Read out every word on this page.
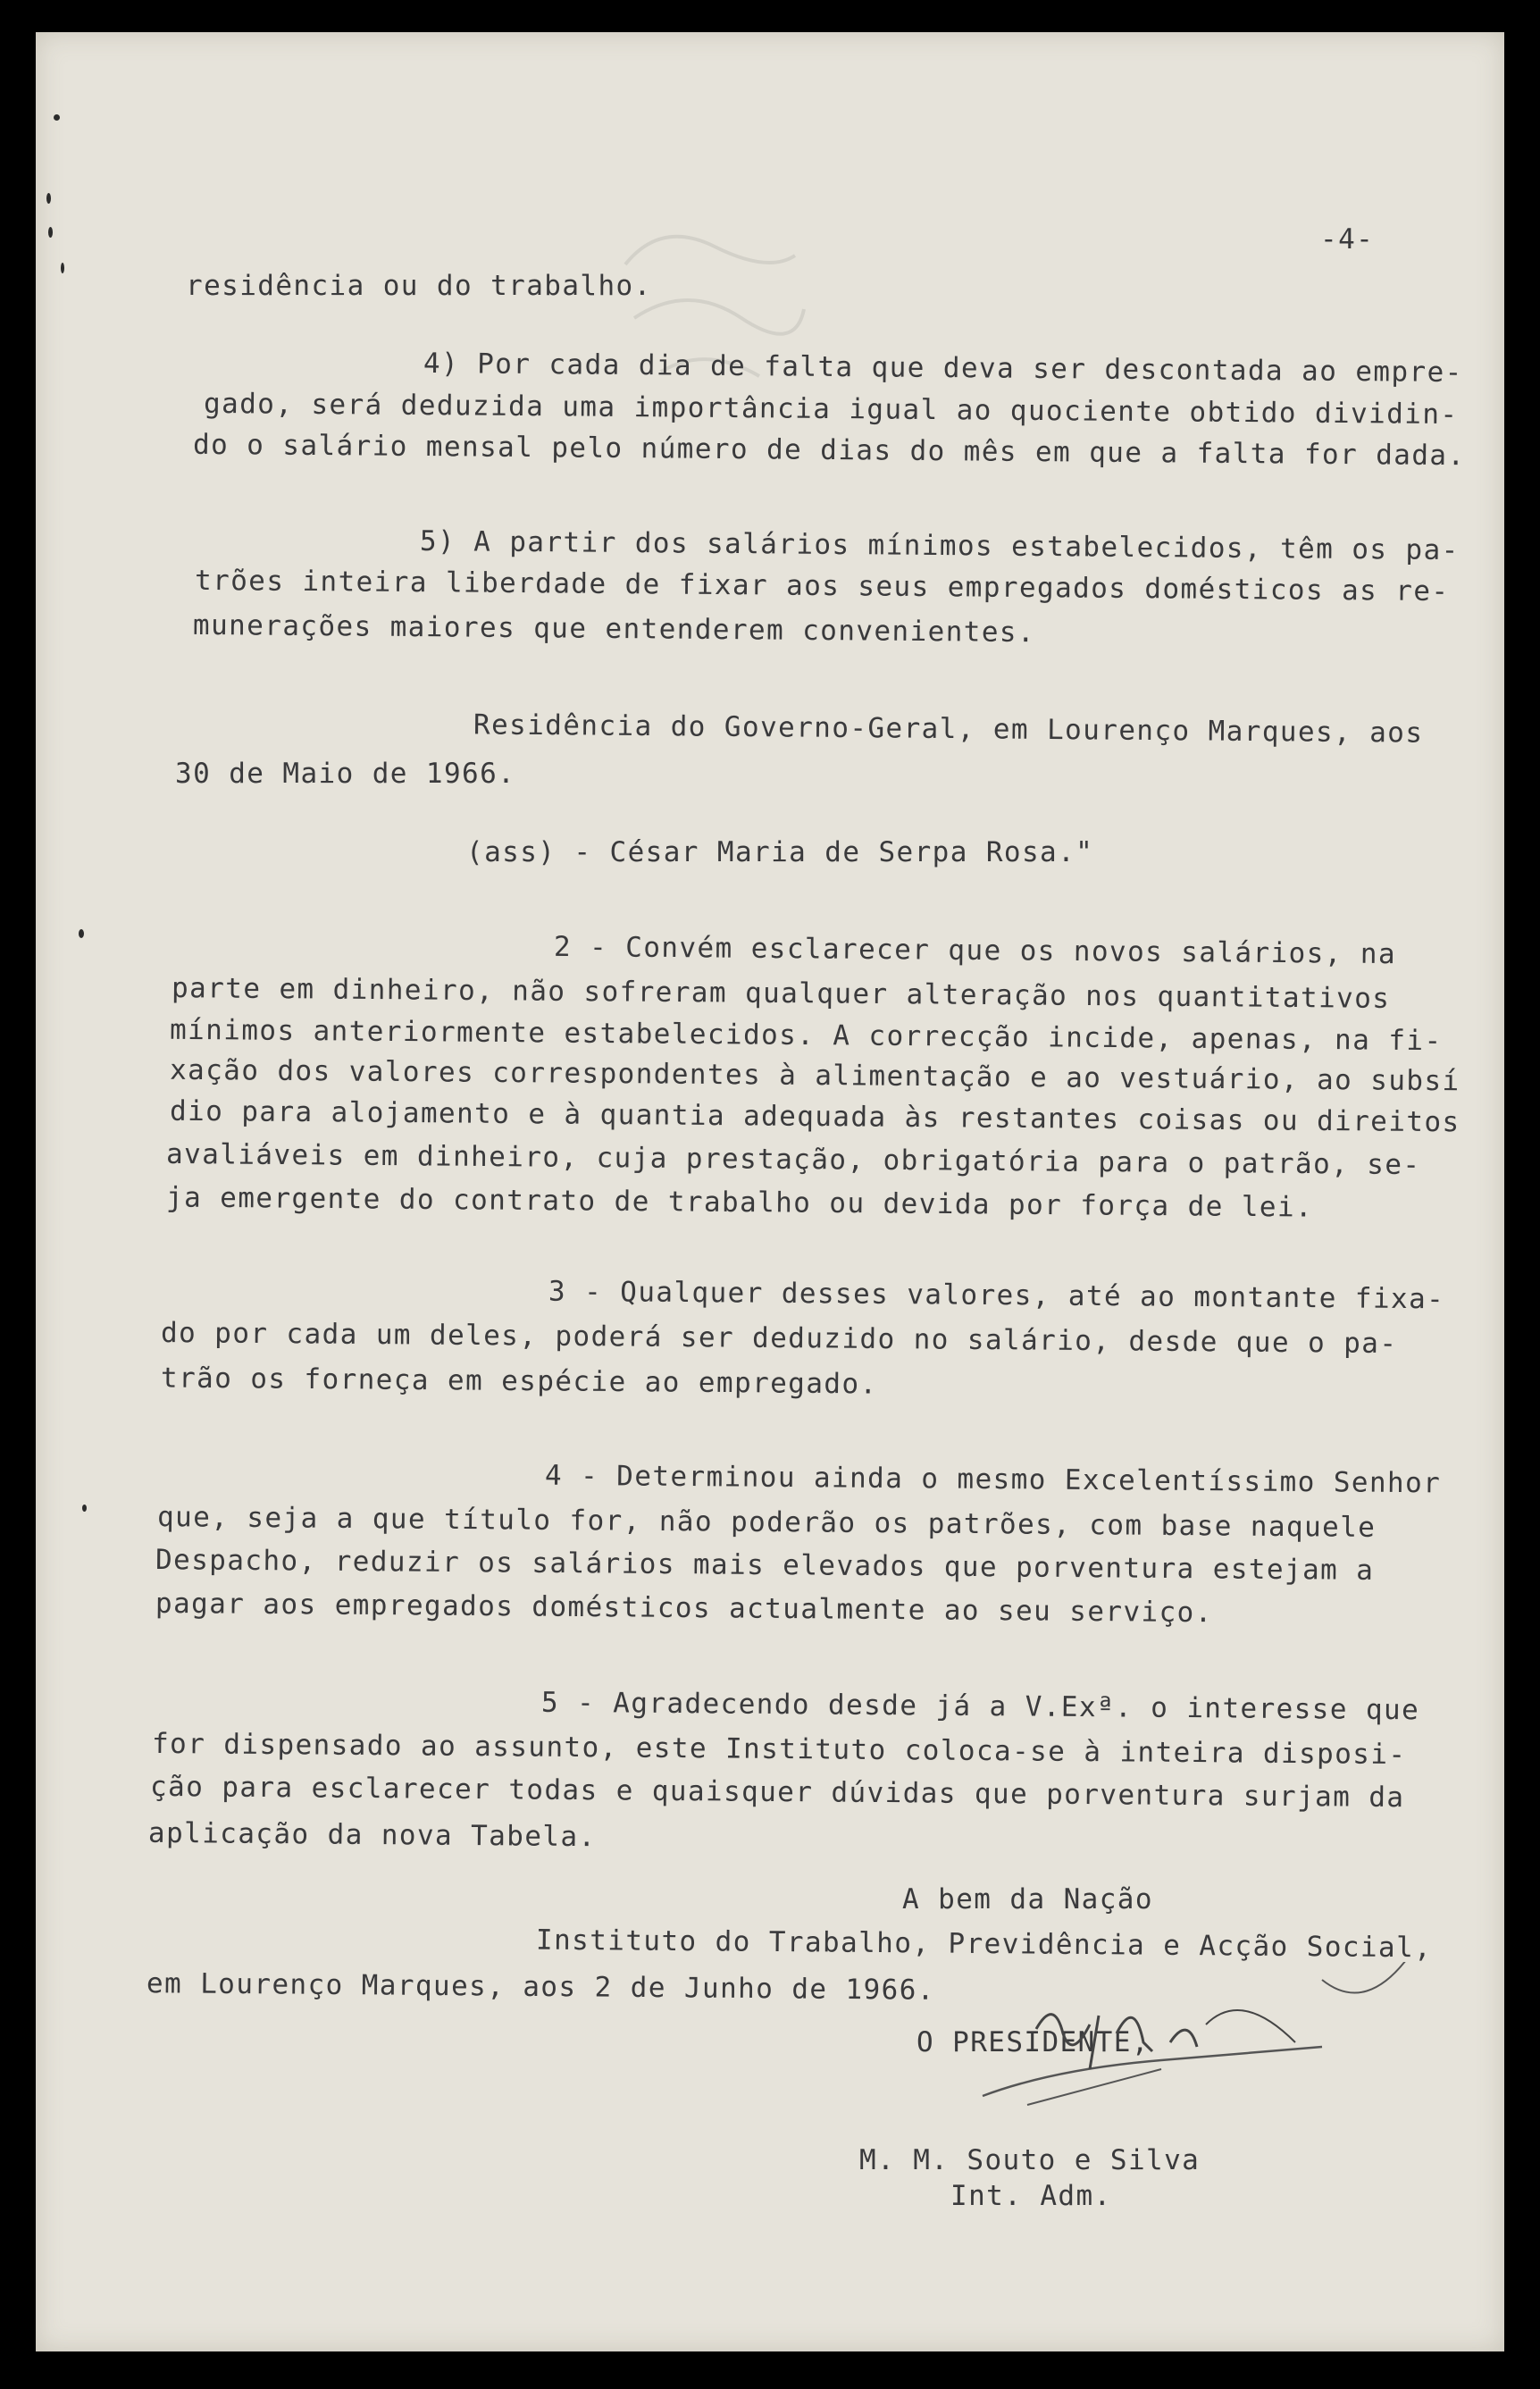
-4-
residência ou do trabalho.
4) Por cada dia de falta que deva ser descontada ao empre-
gado, será deduzida uma importância igual ao quociente obtido dividin-
do o salário mensal pelo número de dias do mês em que a falta for dada.
5) A partir dos salários mínimos estabelecidos, têm os pa-
trões inteira liberdade de fixar aos seus empregados domésticos as re-
munerações maiores que entenderem convenientes.
Residência do Governo-Geral, em Lourenço Marques, aos
30 de Maio de 1966.
(ass) - César Maria de Serpa Rosa."
2 - Convém esclarecer que os novos salários, na
parte em dinheiro, não sofreram qualquer alteração nos quantitativos
mínimos anteriormente estabelecidos. A correcção incide, apenas, na fi-
xação dos valores correspondentes à alimentação e ao vestuário, ao subsí
dio para alojamento e à quantia adequada às restantes coisas ou direitos
avaliáveis em dinheiro, cuja prestação, obrigatória para o patrão, se-
ja emergente do contrato de trabalho ou devida por força de lei.
3 - Qualquer desses valores, até ao montante fixa-
do por cada um deles, poderá ser deduzido no salário, desde que o pa-
trão os forneça em espécie ao empregado.
4 - Determinou ainda o mesmo Excelentíssimo Senhor
que, seja a que título for, não poderão os patrões, com base naquele
Despacho, reduzir os salários mais elevados que porventura estejam a
pagar aos empregados domésticos actualmente ao seu serviço.
5 - Agradecendo desde já a V.Exª. o interesse que
for dispensado ao assunto, este Instituto coloca-se à inteira disposi-
ção para esclarecer todas e quaisquer dúvidas que porventura surjam da
aplicação da nova Tabela.
A bem da Nação
Instituto do Trabalho, Previdência e Acção Social,
em Lourenço Marques, aos 2 de Junho de 1966.
O PRESIDENTE,
M. M. Souto e Silva
Int. Adm.
